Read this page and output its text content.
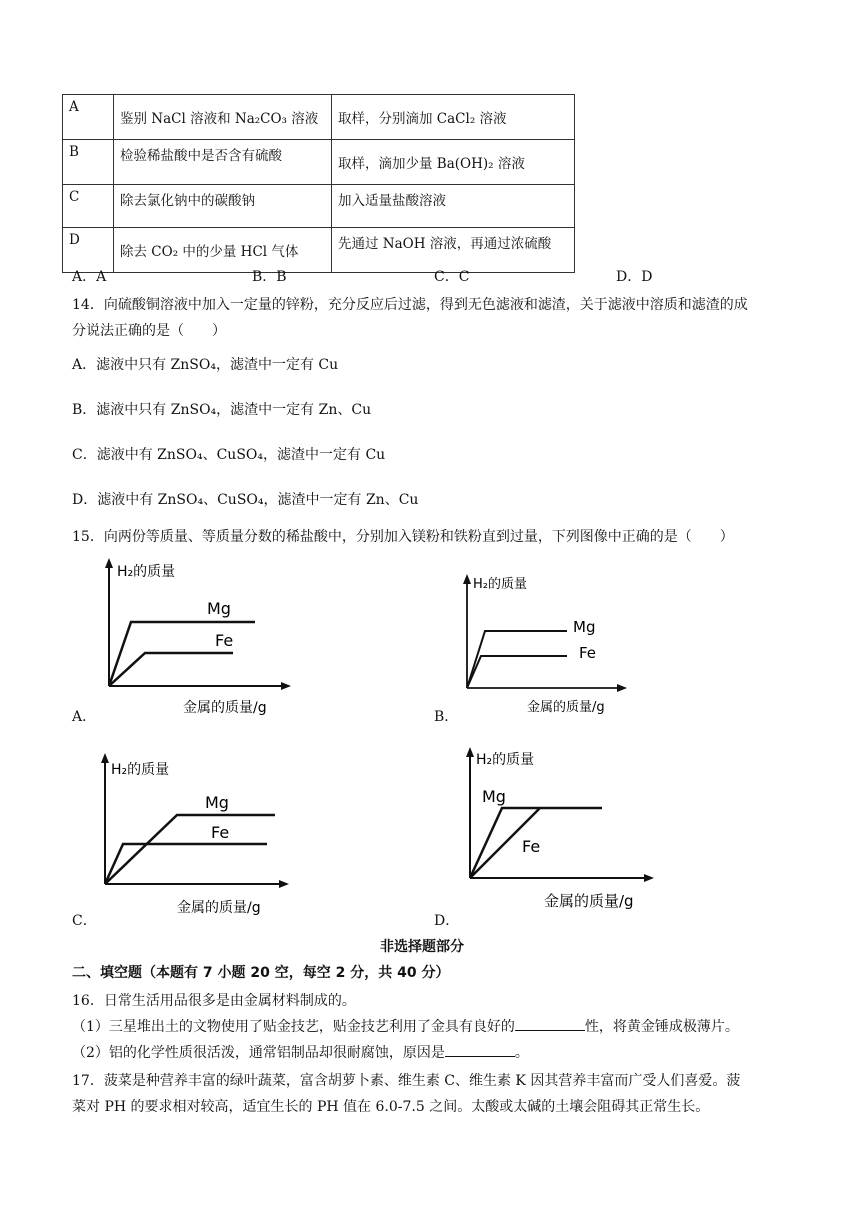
A	鉴别 NaCl 溶液和 Na₂CO₃ 溶液	取样，分别滴加 CaCl₂ 溶液
B	检验稀盐酸中是否含有硫酸	取样，滴加少量 Ba(OH)₂ 溶液
C	除去氯化钠中的碳酸钠	加入适量盐酸溶液
D	除去 CO₂ 中的少量 HCl 气体	先通过 NaOH 溶液，再通过浓硫酸
A．A	B．B	C．C	D．D
14．向硫酸铜溶液中加入一定量的锌粉，充分反应后过滤，得到无色滤液和滤渣，关于滤液中溶质和滤渣的成
分说法正确的是（　　）
A．滤液中只有 ZnSO₄，滤渣中一定有 Cu
B．滤液中只有 ZnSO₄，滤渣中一定有 Zn、Cu
C．滤液中有 ZnSO₄、CuSO₄，滤渣中一定有 Cu
D．滤液中有 ZnSO₄、CuSO₄，滤渣中一定有 Zn、Cu
15．向两份等质量、等质量分数的稀盐酸中，分别加入镁粉和铁粉直到过量，下列图像中正确的是（　　）
H₂的质量
金属的质量/g
Mg
Fe
A．
H₂的质量
金属的质量/g
Mg
Fe
B．
H₂的质量
金属的质量/g
Mg
Fe
C．
H₂的质量
金属的质量/g
Mg
Fe
D．
非选择题部分
二、填空题（本题有 7 小题 20 空，每空 2 分，共 40 分）
16．日常生活用品很多是由金属材料制成的。
（1）三星堆出土的文物使用了贴金技艺，贴金技艺利用了金具有良好的	性，将黄金锤成极薄片。
（2）铝的化学性质很活泼，通常铝制品却很耐腐蚀，原因是	。
17．菠菜是种营养丰富的绿叶蔬菜，富含胡萝卜素、维生素 C、维生素 K 因其营养丰富而广受人们喜爱。菠
菜对 PH 的要求相对较高，适宜生长的 PH 值在 6.0-7.5 之间。太酸或太碱的土壤会阻碍其正常生长。
